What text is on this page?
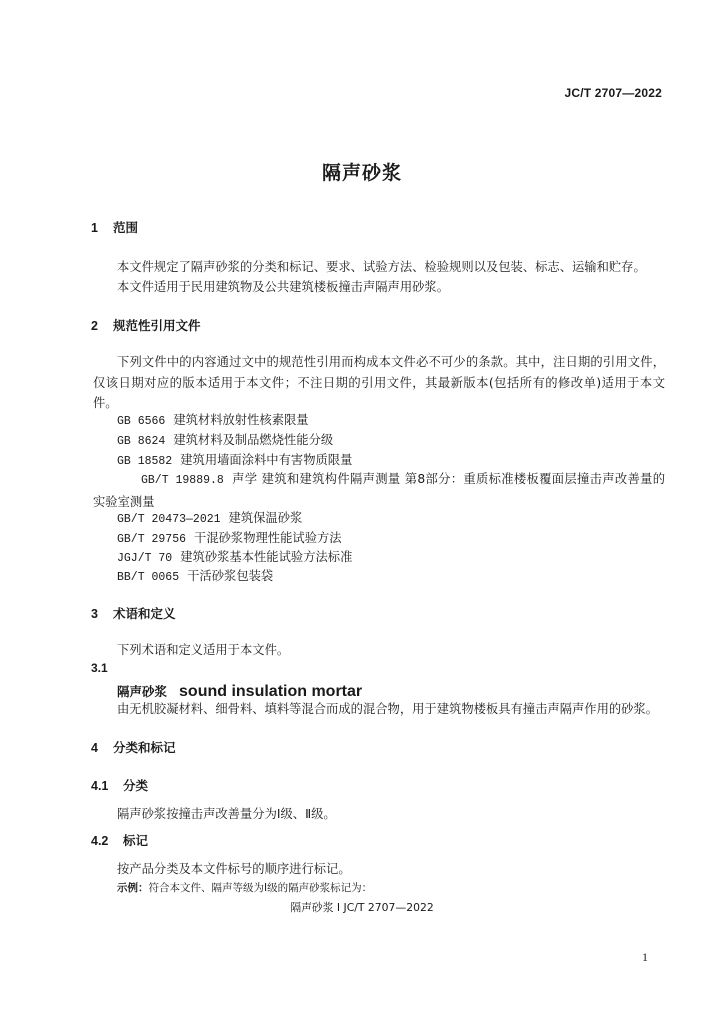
JC/T 2707—2022
隔声砂浆
1 范围
本文件规定了隔声砂浆的分类和标记、要求、试验方法、检验规则以及包装、标志、运输和贮存。
本文件适用于民用建筑物及公共建筑楼板撞击声隔声用砂浆。
2 规范性引用文件
下列文件中的内容通过文中的规范性引用而构成本文件必不可少的条款。其中，注日期的引用文件，仅该日期对应的版本适用于本文件；不注日期的引用文件，其最新版本(包括所有的修改单)适用于本文件。
GB 6566 建筑材料放射性核素限量
GB 8624 建筑材料及制品燃烧性能分级
GB 18582 建筑用墙面涂料中有害物质限量
GB/T 19889.8 声学 建筑和建筑构件隔声测量 第8部分：重质标准楼板覆面层撞击声改善量的实验室测量
GB/T 20473—2021 建筑保温砂浆
GB/T 29756 干混砂浆物理性能试验方法
JGJ/T 70 建筑砂浆基本性能试验方法标准
BB/T 0065 干活砂浆包装袋
3 术语和定义
下列术语和定义适用于本文件。
3.1
隔声砂浆 sound insulation mortar
由无机胶凝材料、细骨料、填料等混合而成的混合物，用于建筑物楼板具有撞击声隔声作用的砂浆。
4 分类和标记
4.1 分类
隔声砂浆按撞击声改善量分为Ⅰ级、Ⅱ级。
4.2 标记
按产品分类及本文件标号的顺序进行标记。
示例：符合本文件、隔声等级为Ⅰ级的隔声砂浆标记为：
隔声砂浆 Ⅰ JC/T 2707—2022
1
